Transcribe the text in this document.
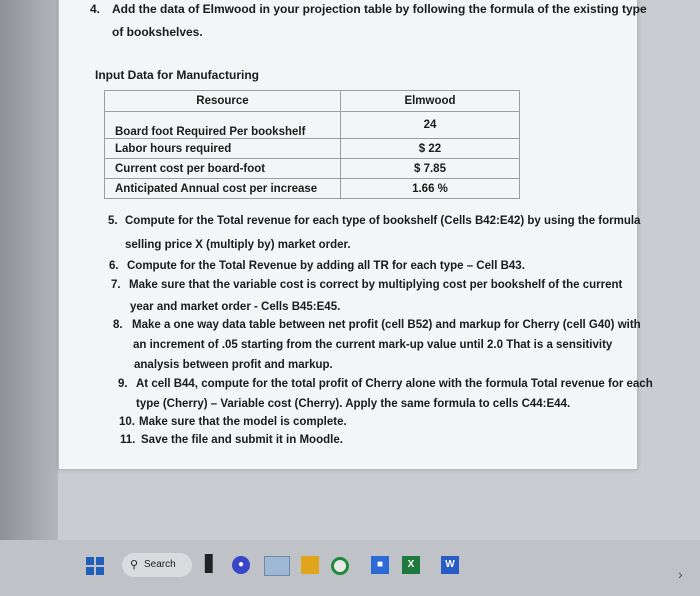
4. Add the data of Elmwood in your projection table by following the formula of the existing type
of bookshelves.
Input Data for Manufacturing
Resource	Elmwood
Board foot Required Per bookshelf	24
Labor hours required	$ 22
Current cost per board-foot	$ 7.85
Anticipated Annual cost per increase	1.66 %
5. Compute for the Total revenue for each type of bookshelf (Cells B42:E42) by using the formula
selling price X (multiply by) market order.
6. Compute for the Total Revenue by adding all TR for each type – Cell B43.
7. Make sure that the variable cost is correct by multiplying cost per bookshelf of the current
year and market order - Cells B45:E45.
8. Make a one way data table between net profit (cell B52) and markup for Cherry (cell G40) with
an increment of .05 starting from the current mark-up value until 2.0 That is a sensitivity
analysis between profit and markup.
9. At cell B44, compute for the total profit of Cherry alone with the formula Total revenue for each
type (Cherry) – Variable cost (Cherry). Apply the same formula to cells C44:E44.
10. Make sure that the model is complete.
11. Save the file and submit it in Moodle.
⚲ Search ▋	●	■	X	W
›
